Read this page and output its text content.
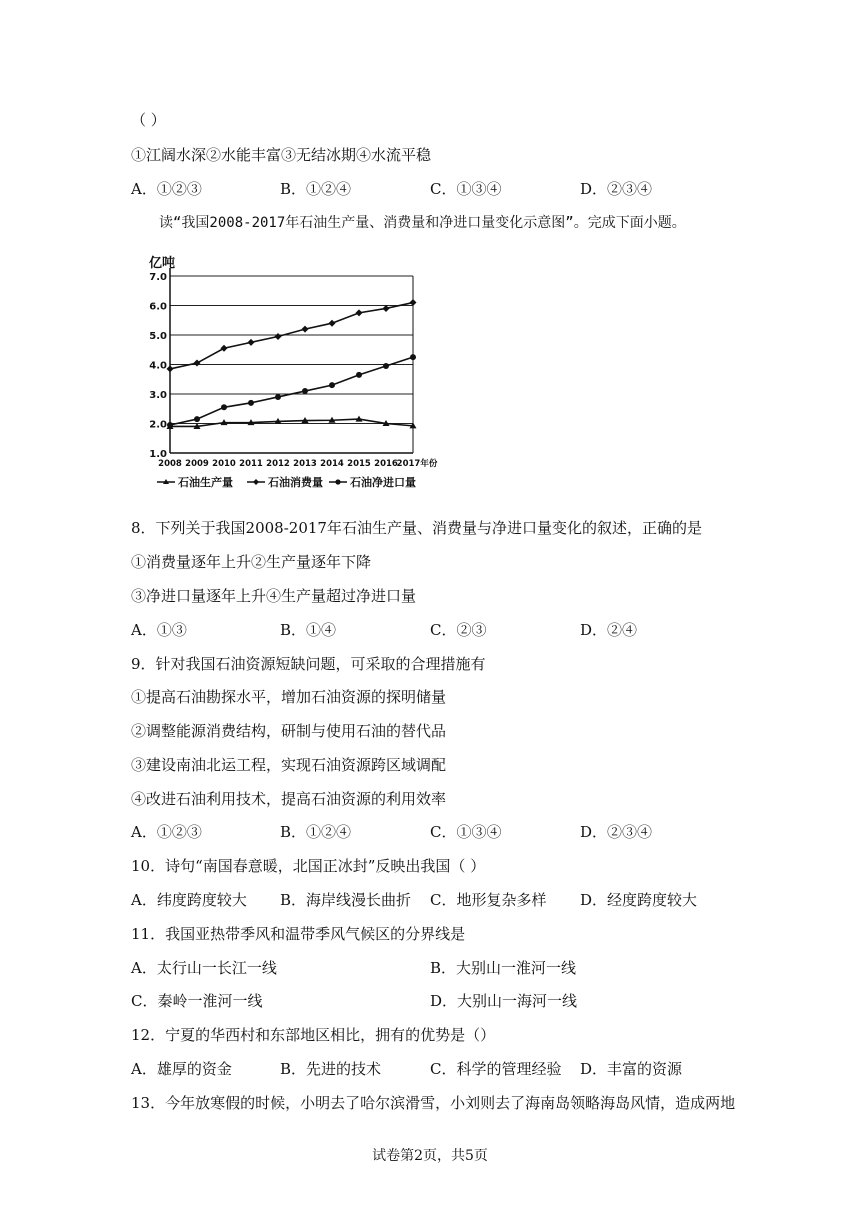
（ ）
①江阔水深②水能丰富③无结冰期④水流平稳
A．①②③	B．①②④	C．①③④	D．②③④
读“我国2008-2017年石油生产量、消费量和净进口量变化示意图”。完成下面小题。
1.0
2.0
3.0
4.0
5.0
6.0
7.0
亿吨
2008 2009 2010 2011 2012 2013 2014 2015 2016
2017年份
石油生产量	石油消费量 石油净进口量
8．下列关于我国2008-2017年石油生产量、消费量与净进口量变化的叙述，正确的是
①消费量逐年上升②生产量逐年下降
③净进口量逐年上升④生产量超过净进口量
A．①③	B．①④	C．②③	D．②④
9．针对我国石油资源短缺问题，可采取的合理措施有
①提高石油勘探水平，增加石油资源的探明储量
②调整能源消费结构，研制与使用石油的替代品
③建设南油北运工程，实现石油资源跨区域调配
④改进石油利用技术，提高石油资源的利用效率
A．①②③	B．①②④	C．①③④	D．②③④
10．诗句“南国春意暖，北国正冰封”反映出我国（ ）
A．纬度跨度较大 B．海岸线漫长曲折 C．地形复杂多样 D．经度跨度较大
11．我国亚热带季风和温带季风气候区的分界线是
A．太行山一长江一线	B．大别山一淮河一线
C．秦岭一淮河一线	D．大别山一海河一线
12．宁夏的华西村和东部地区相比，拥有的优势是（）
A．雄厚的资金	B．先进的技术	C．科学的管理经验 D．丰富的资源
13．今年放寒假的时候，小明去了哈尔滨滑雪，小刘则去了海南岛领略海岛风情，造成两地
试卷第2页，共5页
